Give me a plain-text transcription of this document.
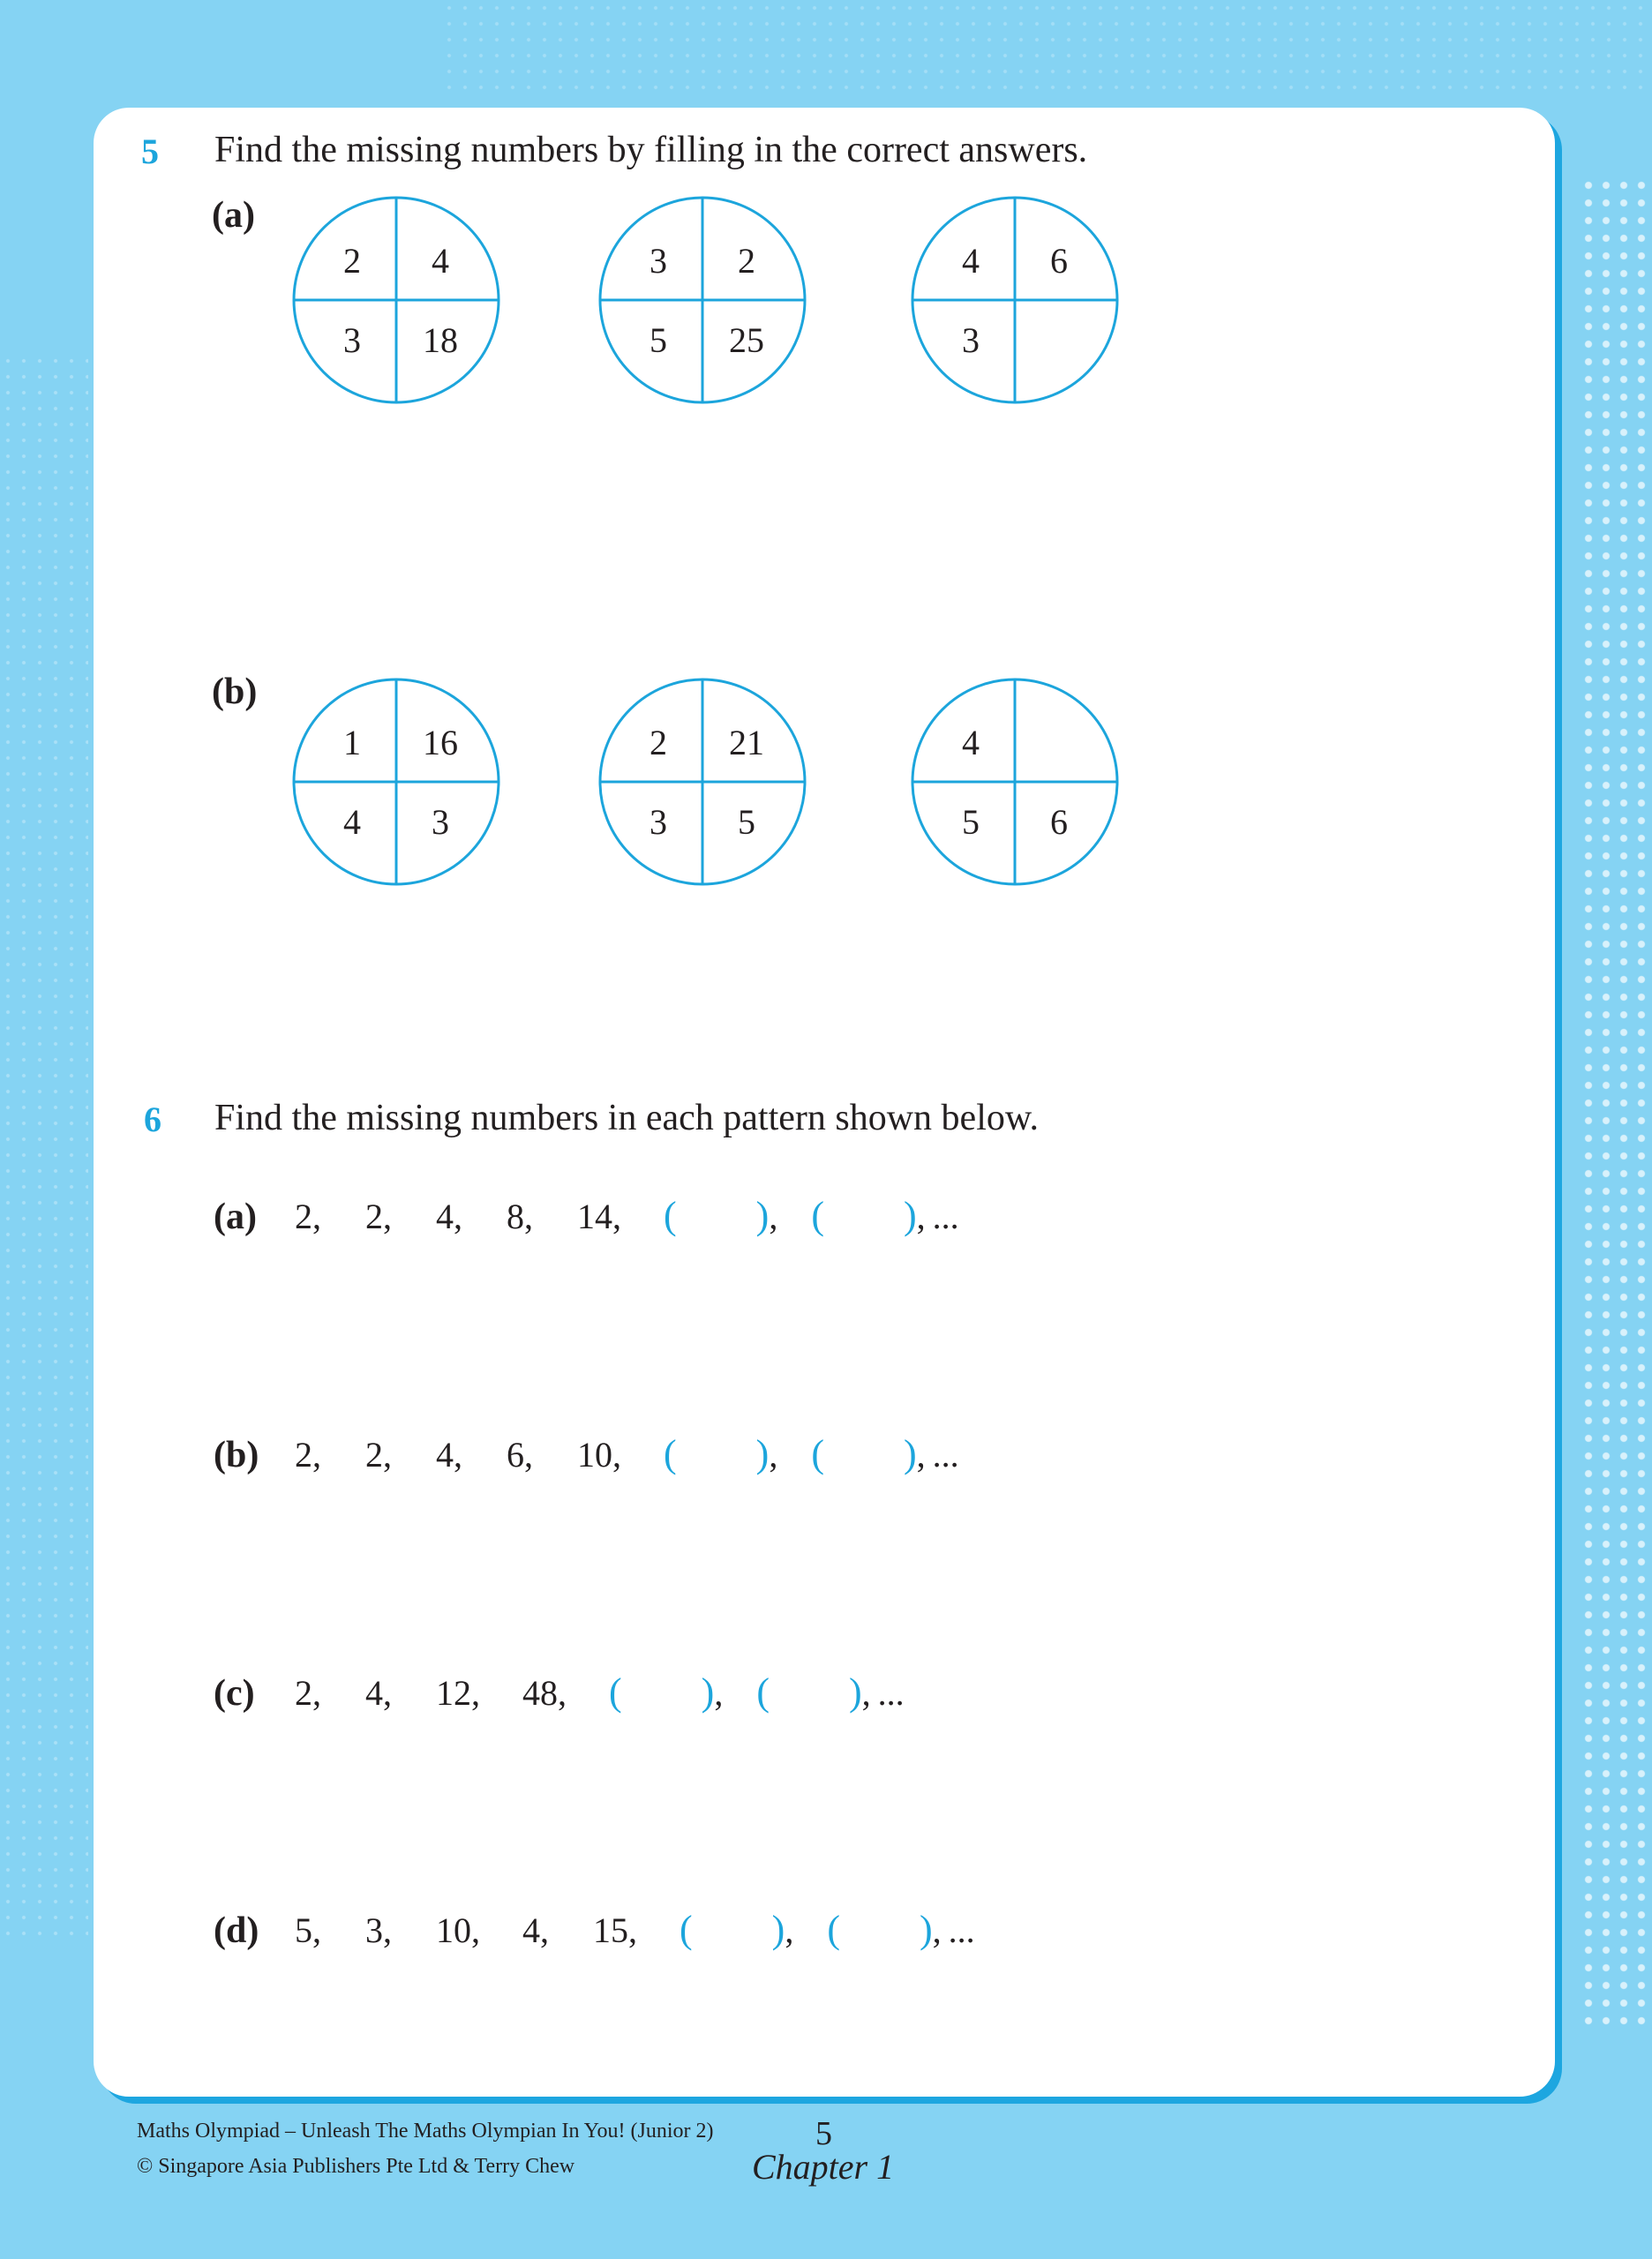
5 Find the missing numbers by filling in the correct answers.
(a)
(b)
2	4
3	18
3	2
5	25
4	6
3
1	16
4	3
2	21
3	5
4
5	6
6 Find the missing numbers in each pattern shown below.
(a)	2,	2,	4,	8,	14,	( ), ( ), ...
(b)	2,	2,	4,	6,	10,	( ), ( ), ...
(c)	2,	4,	12,	48,	( ), ( ), ...
(d)	5,	3,	10,	4,	15,	( ), ( ), ...
Maths Olympiad – Unleash The Maths Olympian In You! (Junior 2)
© Singapore Asia Publishers Pte Ltd & Terry Chew
5
Chapter 1
